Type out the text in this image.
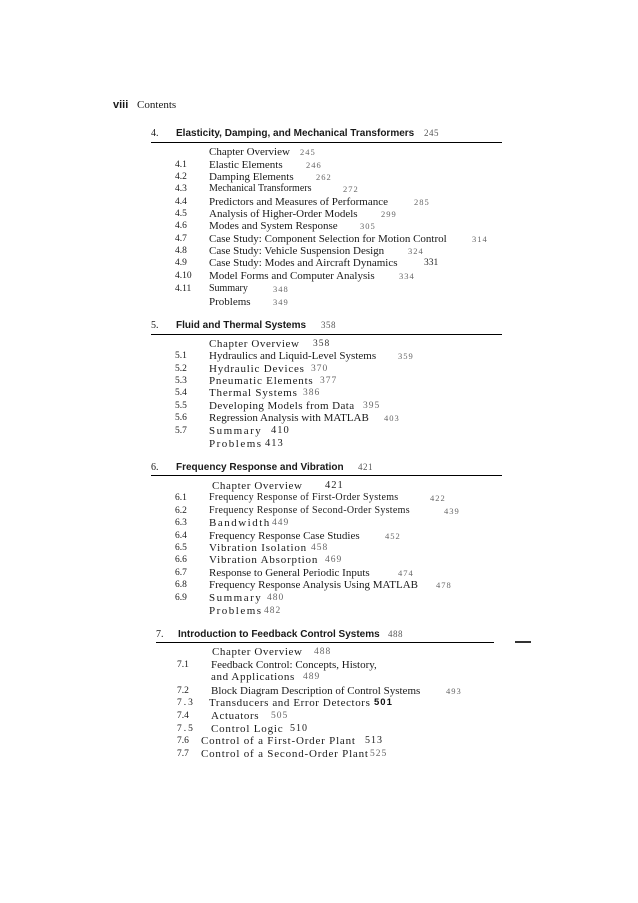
viii Contents
4. Elasticity, Damping, and Mechanical Transformers 245
Chapter Overview 245
4.1 Elastic Elements	246
4.2 Damping Elements	262
4.3 Mechanical Transformers	272
4.4 Predictors and Measures of Performance	285
4.5 Analysis of Higher-Order Models	299
4.6 Modes and System Response	305
4.7 Case Study: Component Selection for Motion Control	314
4.8 Case Study: Vehicle Suspension Design	324
4.9 Case Study: Modes and Aircraft Dynamics	331
4.10 Model Forms and Computer Analysis	334
4.11 Summary	348
Problems	349
5. Fluid and Thermal Systems 358
Chapter Overview 358
5.1 Hydraulics and Liquid-Level Systems	359
5.2 Hydraulic Devices 370
5.3 Pneumatic Elements 377
5.4 Thermal Systems 386
5.5 Developing Models from Data 395
5.6 Regression Analysis with MATLAB 403
5.7 Summary 410
Problems 413
6. Frequency Response and Vibration 421
Chapter Overview 421
6.1 Frequency Response of First-Order Systems	422
6.2 Frequency Response of Second-Order Systems	439
6.3 Bandwidth 449
6.4 Frequency Response Case Studies	452
6.5 Vibration Isolation 458
6.6 Vibration Absorption 469
6.7 Response to General Periodic Inputs	474
6.8 Frequency Response Analysis Using MATLAB 478
6.9 Summary 480
Problems 482
7. Introduction to Feedback Control Systems 488
Chapter Overview 488
7.1 Feedback Control: Concepts, History,
and Applications 489
7.2 Block Diagram Description of Control Systems	493
7.3 Transducers and Error Detectors 501
7.4 Actuators 505
7.5 Control Logic 510
7.6 Control of a First-Order Plant 513
7.7 Control of a Second-Order Plant 525
